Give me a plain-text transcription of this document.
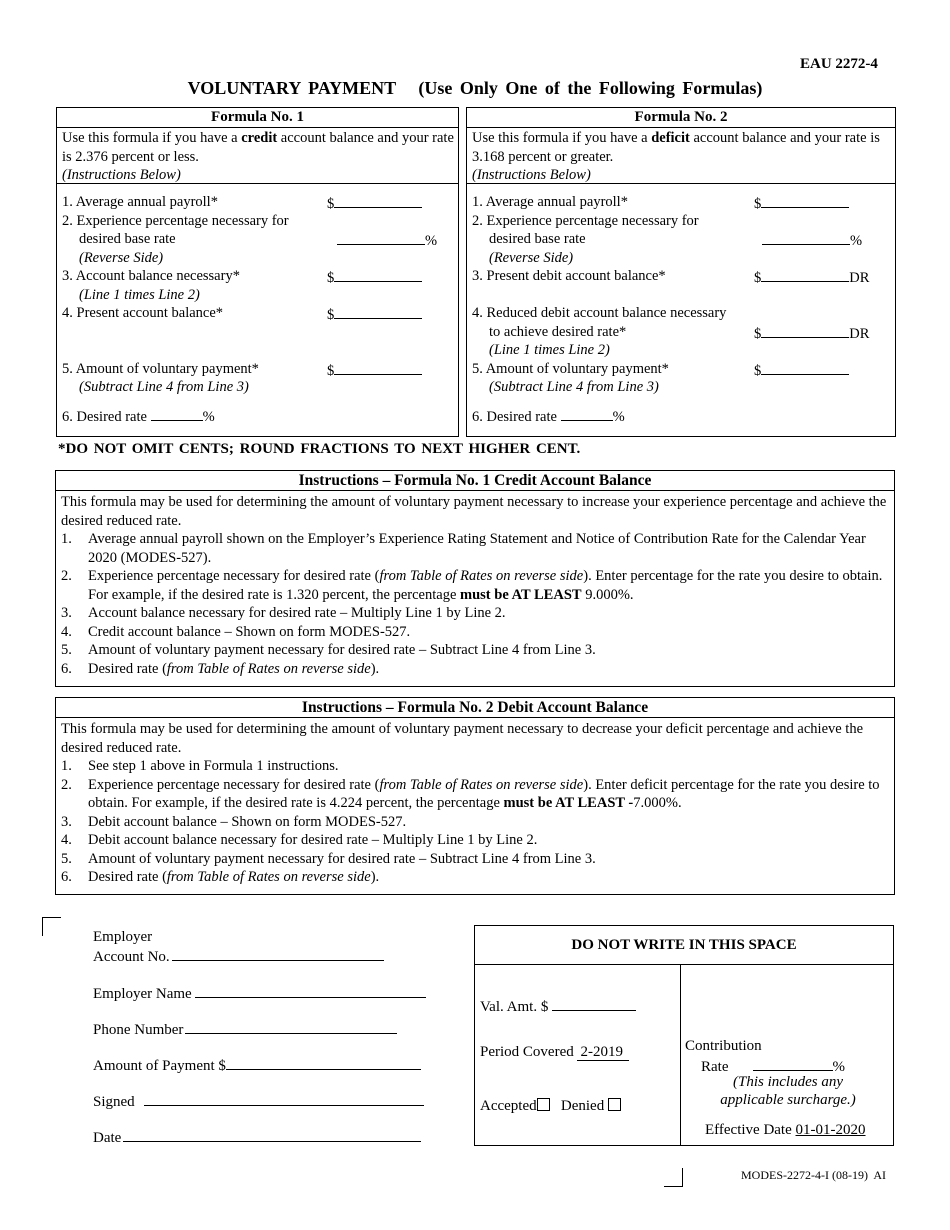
EAU 2272-4
VOLUNTARY PAYMENT   (Use Only One of the Following Formulas)
Formula No. 1
Use this formula if you have a credit account balance and your rate is 2.376 percent or less.
(Instructions Below)
1. Average annual payroll*	$
2. Experience percentage necessary for
desired base rate	%
(Reverse Side)
3. Account balance necessary*	$
(Line 1 times Line 2)
4. Present account balance*	$
5. Amount of voluntary payment*	$
(Subtract Line 4 from Line 3)
6. Desired rate	%
Formula No. 2
Use this formula if you have a deficit account balance and your rate is 3.168 percent or greater.
(Instructions Below)
1. Average annual payroll*	$
2. Experience percentage necessary for
desired base rate	%
(Reverse Side)
3. Present debit account balance*	$	DR
4. Reduced debit account balance necessary
to achieve desired rate*	$	DR
(Line 1 times Line 2)
5. Amount of voluntary payment*	$
(Subtract Line 4 from Line 3)
6. Desired rate	%
*DO NOT OMIT CENTS; ROUND FRACTIONS TO NEXT HIGHER CENT.
Instructions – Formula No. 1 Credit Account Balance
This formula may be used for determining the amount of voluntary payment necessary to increase your experience percentage and achieve the desired reduced rate.
1.	Average annual payroll shown on the Employer’s Experience Rating Statement and Notice of Contribution Rate for the Calendar Year 2020 (MODES-527).
2.	Experience percentage necessary for desired rate (from Table of Rates on reverse side). Enter percentage for the rate you desire to obtain. For example, if the desired rate is 1.320 percent, the percentage must be AT LEAST 9.000%.
3.	Account balance necessary for desired rate – Multiply Line 1 by Line 2.
4.	Credit account balance – Shown on form MODES-527.
5.	Amount of voluntary payment necessary for desired rate – Subtract Line 4 from Line 3.
6.	Desired rate (from Table of Rates on reverse side).
Instructions – Formula No. 2 Debit Account Balance
This formula may be used for determining the amount of voluntary payment necessary to decrease your deficit percentage and achieve the desired reduced rate.
1.	See step 1 above in Formula 1 instructions.
2.	Experience percentage necessary for desired rate (from Table of Rates on reverse side). Enter deficit percentage for the rate you desire to obtain. For example, if the desired rate is 4.224 percent, the percentage must be AT LEAST -7.000%.
3.	Debit account balance – Shown on form MODES-527.
4.	Debit account balance necessary for desired rate – Multiply Line 1 by Line 2.
5.	Amount of voluntary payment necessary for desired rate – Subtract Line 4 from Line 3.
6.	Desired rate (from Table of Rates on reverse side).
Employer
Account No.
Employer Name
Phone Number
Amount of Payment $
Signed
Date
DO NOT WRITE IN THIS SPACE
Val. Amt. $
Period Covered 2-2019
Accepted Denied
Contribution
Rate	%
(This includes any
applicable surcharge.)
Effective Date 01-01-2020
MODES-2272-4-I (08-19)  AI
